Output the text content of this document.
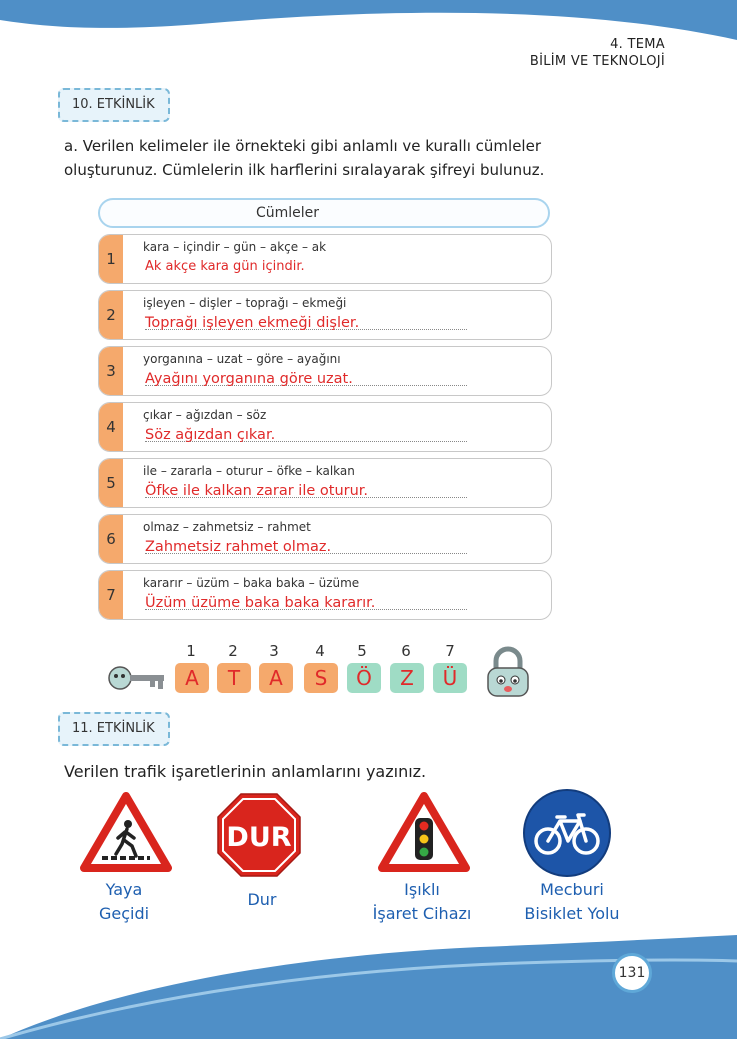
4. TEMA
BİLİM VE TEKNOLOJİ
10. ETKİNLİK
a. Verilen kelimeler ile örnekteki gibi anlamlı ve kurallı cümleler oluşturunuz. Cümlelerin ilk harflerini sıralayarak şifreyi bulunuz.
Cümleler
1
kara – içindir – gün – akçe – ak
Ak akçe kara gün içindir.
2
işleyen – dişler – toprağı – ekmeği
Toprağı işleyen ekmeği dişler.
3
yorganına – uzat – göre – ayağını
Ayağını yorganına göre uzat.
4
çıkar – ağızdan – söz
Söz ağızdan çıkar.
5
ile – zararla – oturur – öfke – kalkan
Öfke ile kalkan zarar ile oturur.
6
olmaz – zahmetsiz – rahmet
Zahmetsiz rahmet olmaz.
7
kararır – üzüm – baka baka – üzüme
Üzüm üzüme baka baka kararır.
1	2	3	4	5	6	7
A	T	A	S	Ö	Z	Ü
11. ETKİNLİK
Verilen trafik işaretlerinin anlamlarını yazınız.
DUR
Yaya
Geçidi
Dur
Işıklı
İşaret Cihazı
Mecburi
Bisiklet Yolu
131
